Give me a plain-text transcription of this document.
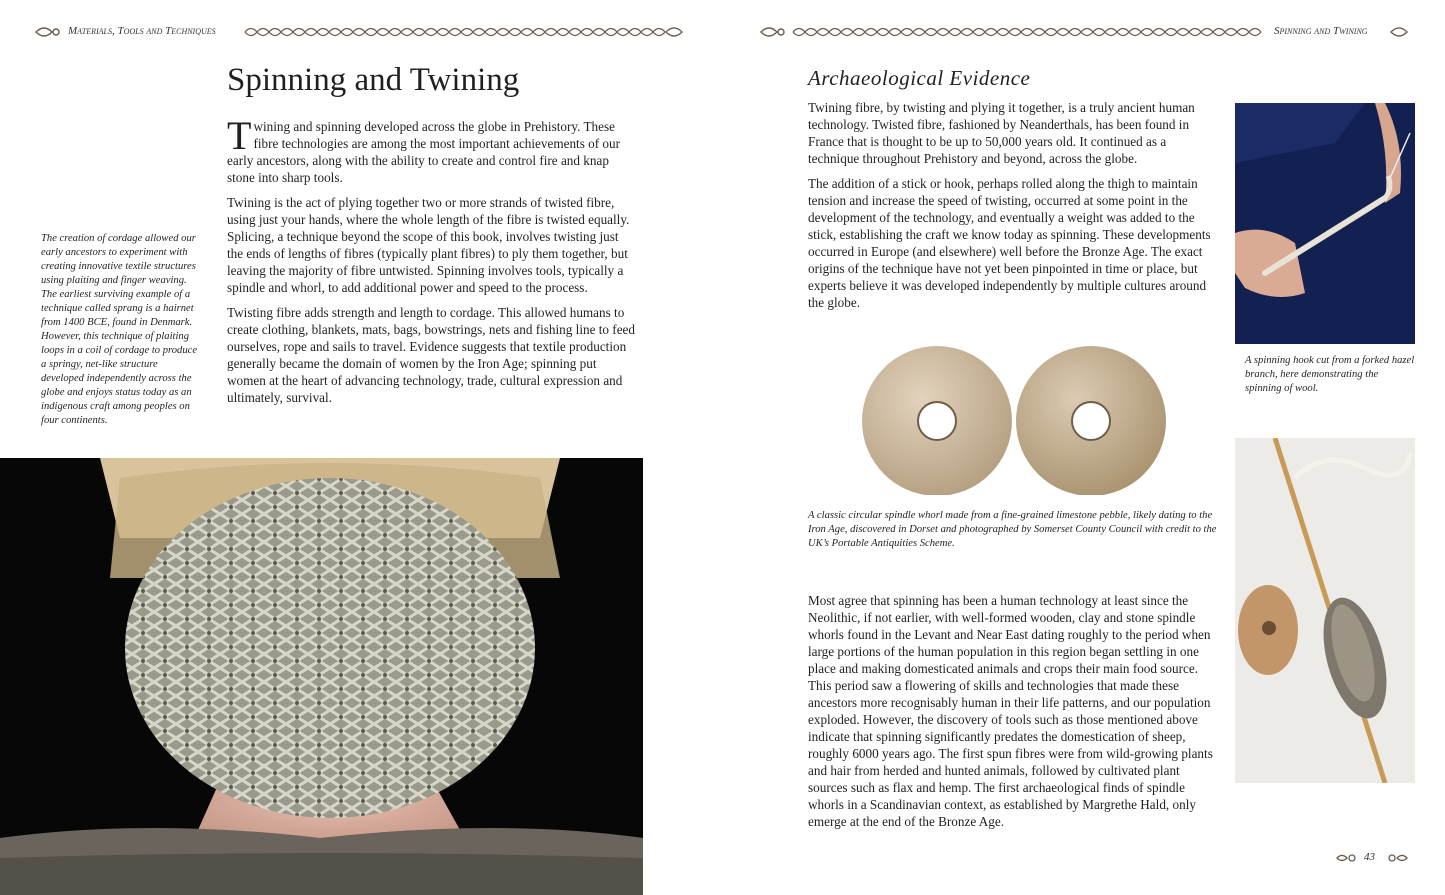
Materials, Tools and Techniques
Spinning and Twining

Twining and spinning developed across the globe in Prehistory. These fibre technologies are among the most important achievements of our early ancestors, along with the ability to create and control fire and knap stone into sharp tools.

Twining is the act of plying together two or more strands of twisted fibre, using just your hands, where the whole length of the fibre is twisted equally. Splicing, a technique beyond the scope of this book, involves twisting just the ends of lengths of fibres (typically plant fibres) to ply them together, but leaving the majority of fibre untwisted. Spinning involves tools, typically a spindle and whorl, to add additional power and speed to the process.

Twisting fibre adds strength and length to cordage. This allowed humans to create clothing, blankets, mats, bags, bowstrings, nets and fishing line to feed ourselves, rope and sails to travel. Evidence suggests that textile production generally became the domain of women by the Iron Age; spinning put women at the heart of advancing technology, trade, cultural expression and ultimately, survival.

The creation of cordage allowed our early ancestors to experiment with creating innovative textile structures using plaiting and finger weaving. The earliest surviving example of a technique called sprang is a hairnet from 1400 BCE, found in Denmark. However, this technique of plaiting loops in a coil of cordage to produce a springy, net-like structure developed independently across the globe and enjoys status today as an indigenous craft among peoples on four continents.
Spinning and Twining
Archaeological Evidence

Twining fibre, by twisting and plying it together, is a truly ancient human technology. Twisted fibre, fashioned by Neanderthals, has been found in France that is thought to be up to 50,000 years old. It continued as a technique throughout Prehistory and beyond, across the globe.

The addition of a stick or hook, perhaps rolled along the thigh to maintain tension and increase the speed of twisting, occurred at some point in the development of the technology, and eventually a weight was added to the stick, establishing the craft we know today as spinning. These developments occurred in Europe (and elsewhere) well before the Bronze Age. The exact origins of the technique have not yet been pinpointed in time or place, but experts believe it was developed independently by multiple cultures around the globe.

A classic circular spindle whorl made from a fine-grained limestone pebble, likely dating to the Iron Age, discovered in Dorset and photographed by Somerset County Council with credit to the UK’s Portable Antiquities Scheme.

Most agree that spinning has been a human technology at least since the Neolithic, if not earlier, with well-formed wooden, clay and stone spindle whorls found in the Levant and Near East dating roughly to the period when large portions of the human population in this region began settling in one place and making domesticated animals and crops their main food source. This period saw a flowering of skills and technologies that made these ancestors more recognisably human in their life patterns, and our population exploded. However, the discovery of tools such as those mentioned above indicate that spinning significantly predates the domestication of sheep, roughly 6000 years ago. The first spun fibres were from wild-growing plants and hair from herded and hunted animals, followed by cultivated plant sources such as flax and hemp. The first archaeological finds of spindle whorls in a Scandinavian context, as established by Margrethe Hald, only emerge at the end of the Bronze Age.

A spinning hook cut from a forked hazel branch, here demonstrating the spinning of wool.
43
